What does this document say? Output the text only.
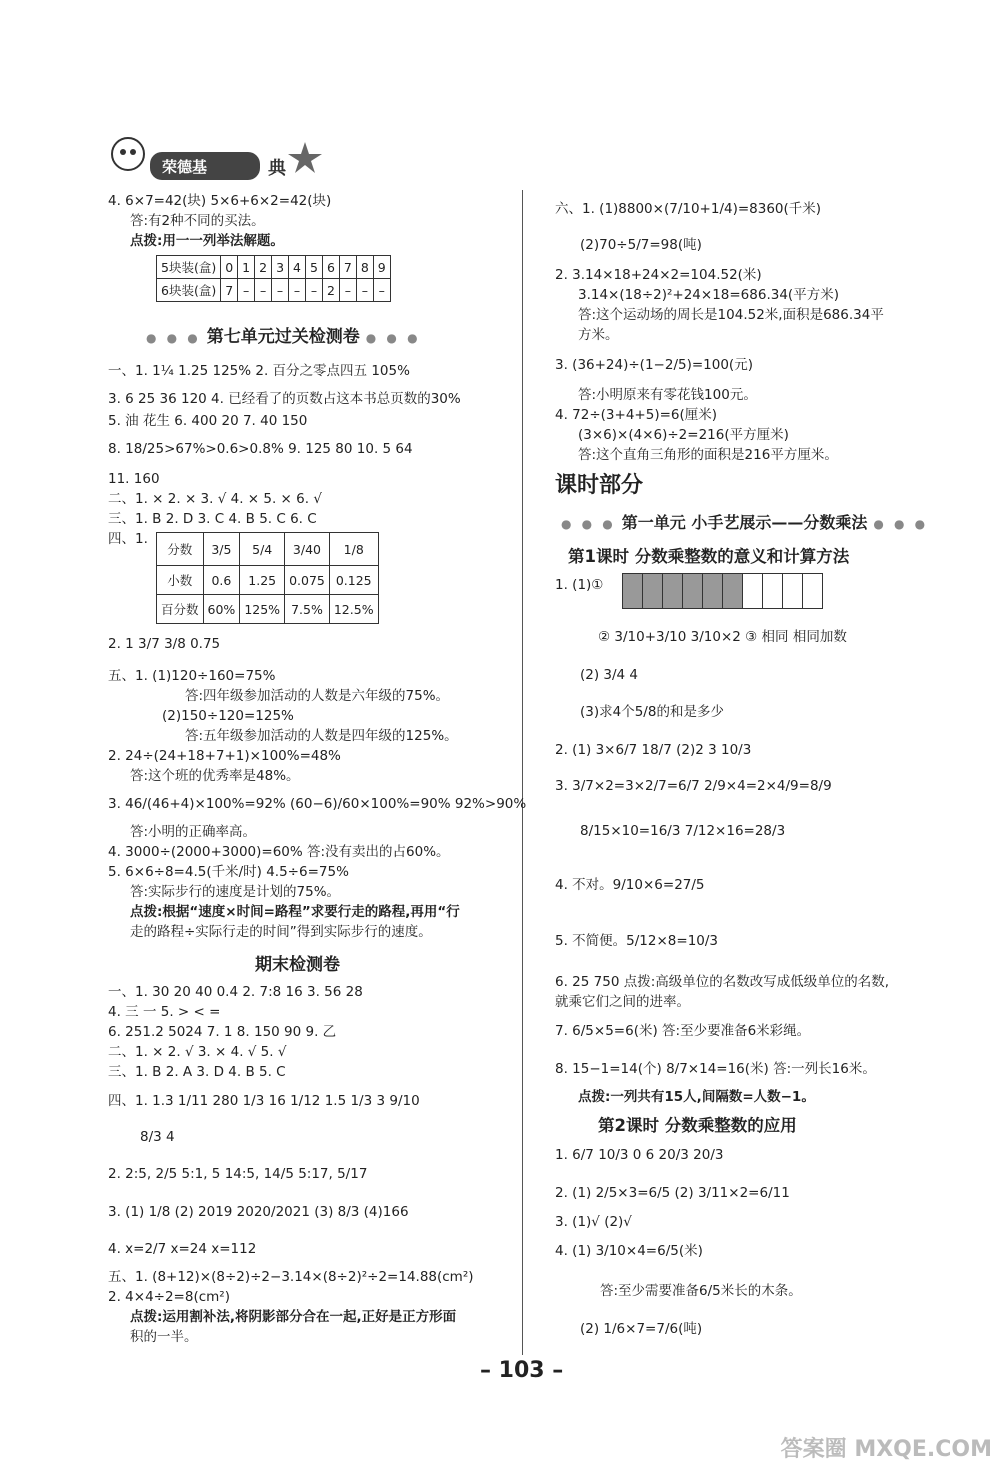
荣德基	典
4. 6×7=42(块) 5×6+6×2=42(块)
答:有2种不同的买法。
点拨:用一一列举法解题。
5块装(盒)	0	1	2	3	4	5	6	7	8	9
6块装(盒)	7	–	–	–	–	–	2	–	–	–
● ● ● 第七单元过关检测卷 ● ● ●
一、1. 1¼ 1.25 125% 2. 百分之零点四五 105%
3. 6 25 36 120 4. 已经看了的页数占这本书总页数的30%
5. 油 花生 6. 400 20 7. 40 150
8. 18/25>67%>0.6>0.8% 9. 125 80 10. 5 64
11. 160
二、1. × 2. × 3. √ 4. × 5. × 6. √
三、1. B 2. D 3. C 4. B 5. C 6. C
四、1.
分数	3/5	5/4	3/40	1/8
小数	0.6	1.25	0.075	0.125
百分数	60%	125%	7.5%	12.5%
2. 1 3/7 3/8 0.75
五、1. (1)120÷160=75%
答:四年级参加活动的人数是六年级的75%。
(2)150÷120=125%
答:五年级参加活动的人数是四年级的125%。
2. 24÷(24+18+7+1)×100%=48%
答:这个班的优秀率是48%。
3. 46/(46+4)×100%=92% (60−6)/60×100%=90% 92%>90%
答:小明的正确率高。
4. 3000÷(2000+3000)=60% 答:没有卖出的占60%。
5. 6×6÷8=4.5(千米/时) 4.5÷6=75%
答:实际步行的速度是计划的75%。
点拨:根据“速度×时间=路程”求要行走的路程,再用“行
走的路程÷实际行走的时间”得到实际步行的速度。
期末检测卷
一、1. 30 20 40 0.4 2. 7:8 16 3. 56 28
4. 三 一 5. > < =
6. 251.2 5024 7. 1 8. 150 90 9. 乙
二、1. × 2. √ 3. × 4. √ 5. √
三、1. B 2. A 3. D 4. B 5. C
四、1. 1.3 1/11 280 1/3 16 1/12 1.5 1/3 3 9/10
8/3 4
2. 2:5, 2/5 5:1, 5 14:5, 14/5 5:17, 5/17
3. (1) 1/8 (2) 2019 2020/2021 (3) 8/3 (4)166
4. x=2/7 x=24 x=112
五、1. (8+12)×(8÷2)÷2−3.14×(8÷2)²÷2=14.88(cm²)
2. 4×4÷2=8(cm²)
点拨:运用割补法,将阴影部分合在一起,正好是正方形面
积的一半。
六、1. (1)8800×(7/10+1/4)=8360(千米)
(2)70÷5/7=98(吨)
2. 3.14×18+24×2=104.52(米)
3.14×(18÷2)²+24×18=686.34(平方米)
答:这个运动场的周长是104.52米,面积是686.34平
方米。
3. (36+24)÷(1−2/5)=100(元)
答:小明原来有零花钱100元。
4. 72÷(3+4+5)=6(厘米)
(3×6)×(4×6)÷2=216(平方厘米)
答:这个直角三角形的面积是216平方厘米。
课时部分
● ● ● 第一单元 小手艺展示——分数乘法 ● ● ●
第1课时 分数乘整数的意义和计算方法
1. (1)①

② 3/10+3/10 3/10×2 ③ 相同 相同加数
(2) 3/4 4
(3)求4个5/8的和是多少
2. (1) 3×6/7 18/7 (2)2 3 10/3
3. 3/7×2=3×2/7=6/7 2/9×4=2×4/9=8/9
8/15×10=16/3 7/12×16=28/3
4. 不对。9/10×6=27/5
5. 不简便。5/12×8=10/3
6. 25 750 点拨:高级单位的名数改写成低级单位的名数,
就乘它们之间的进率。
7. 6/5×5=6(米) 答:至少要准备6米彩绳。
8. 15−1=14(个) 8/7×14=16(米) 答:一列长16米。
点拨:一列共有15人,间隔数=人数−1。
第2课时 分数乘整数的应用
1. 6/7 10/3 0 6 20/3 20/3
2. (1) 2/5×3=6/5 (2) 3/11×2=6/11
3. (1)√ (2)√
4. (1) 3/10×4=6/5(米)
答:至少需要准备6/5米长的木条。
(2) 1/6×7=7/6(吨)
– 103 –
答案圈 MXQE.COM
